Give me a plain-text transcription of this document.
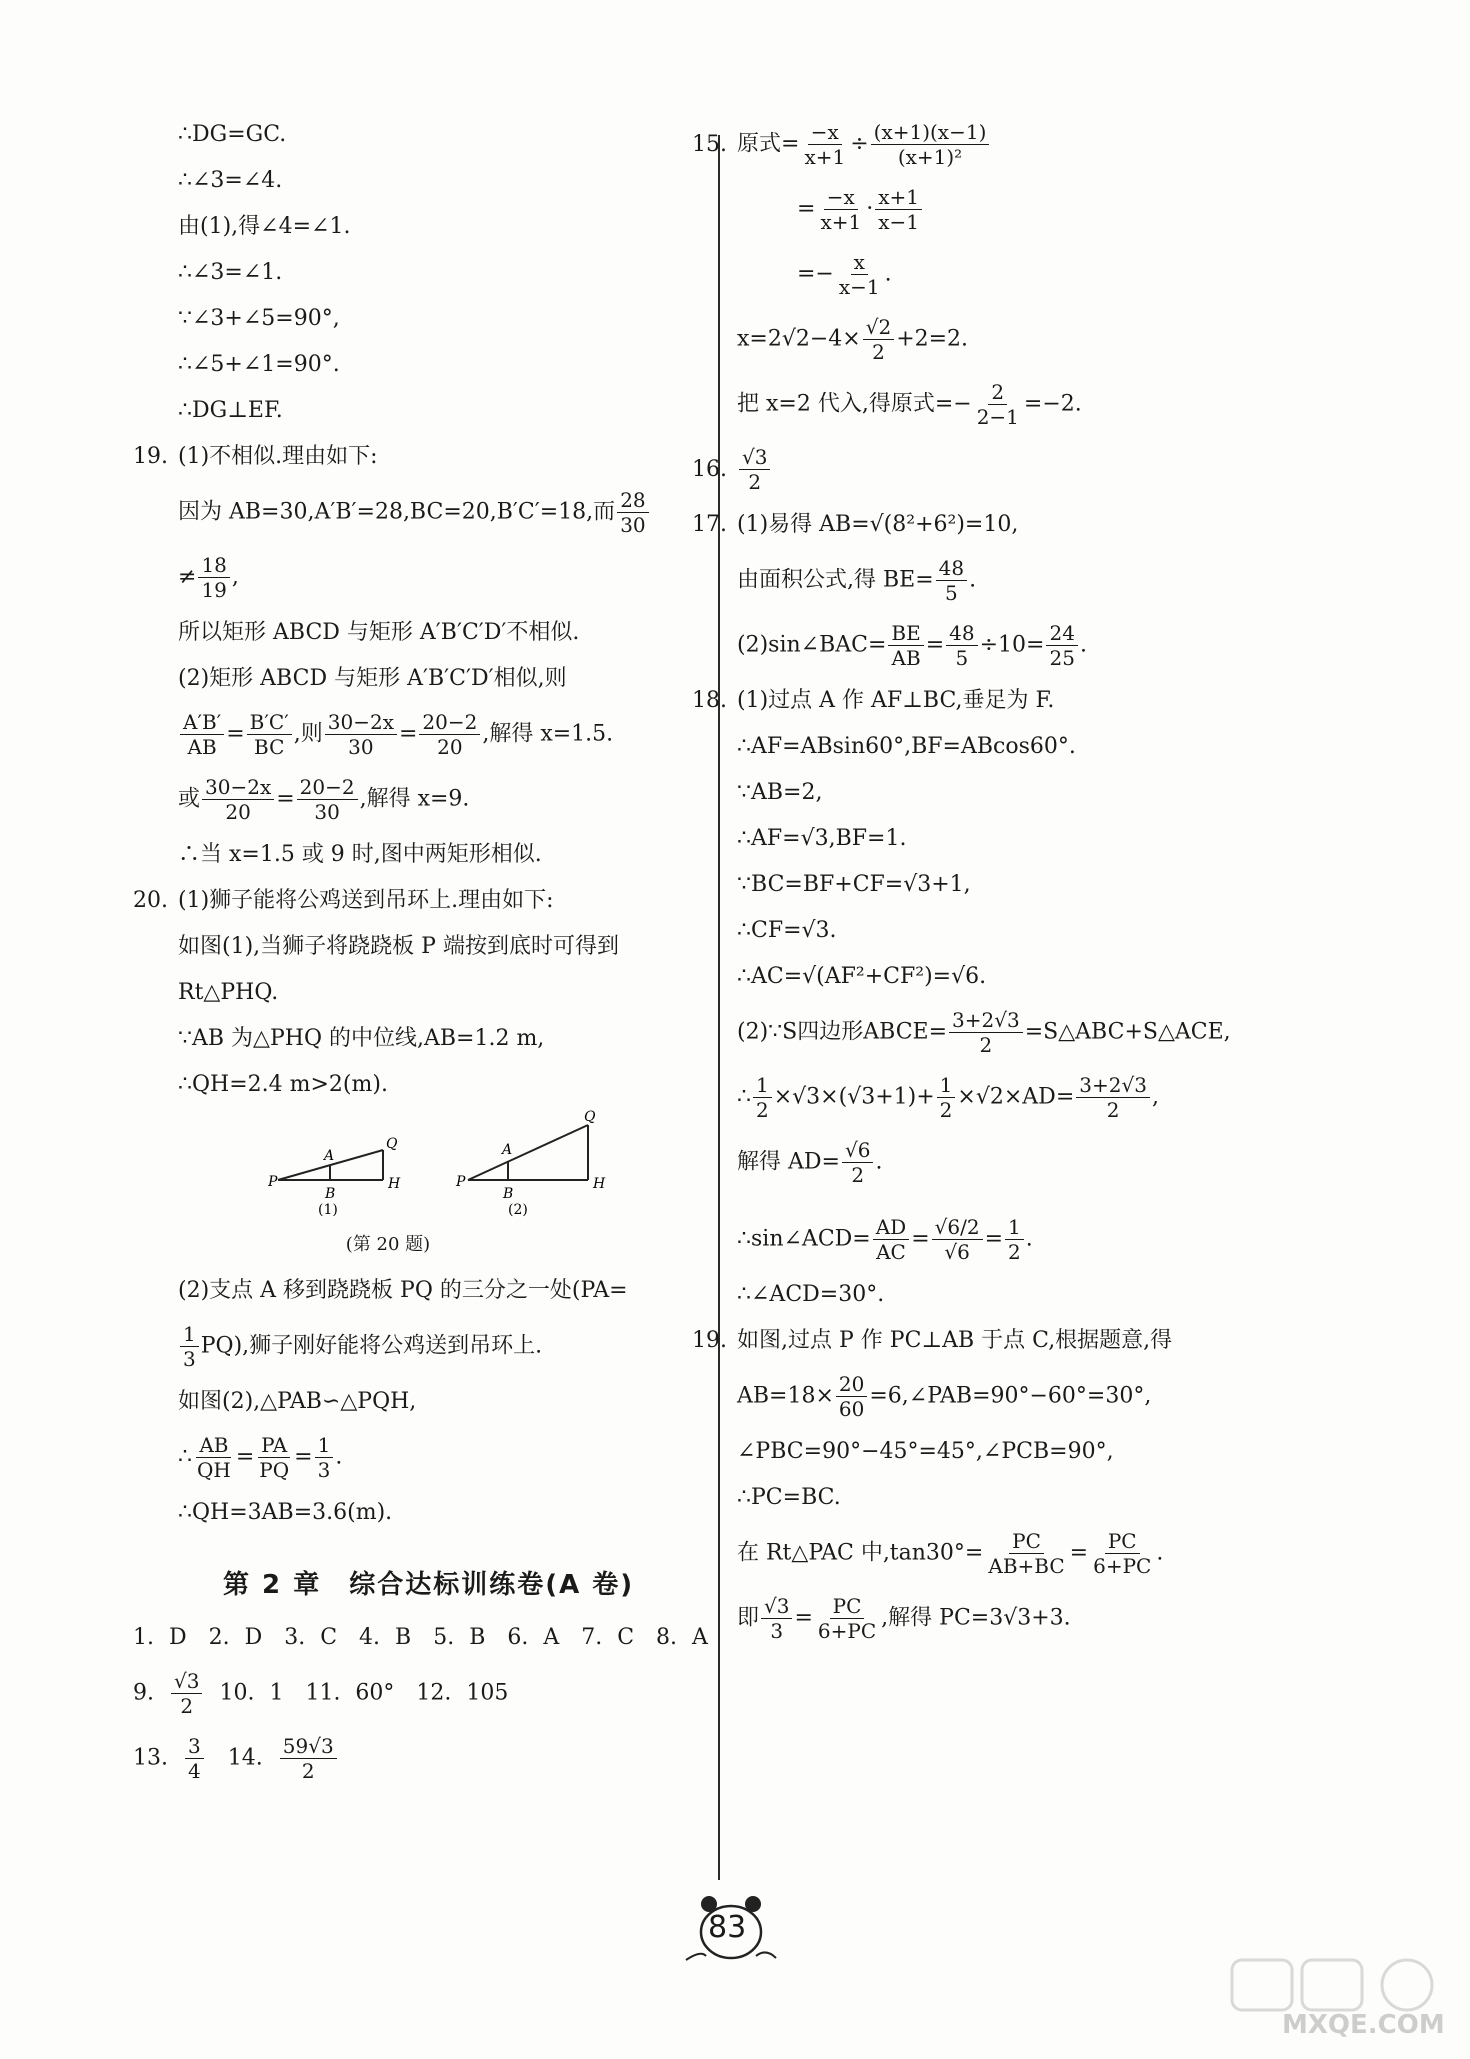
∴DG=GC.

∴∠3=∠4.

由(1),得∠4=∠1.

∴∠3=∠1.

∵∠3+∠5=90°,

∴∠5+∠1=90°.

∴DG⊥EF.

19. (1)不相似.理由如下:

因为 AB=30,A′B′=28,BC=20,B′C′=18,而 $\frac{28}{30}$

≠ $\frac{18}{19}$ ,

所以矩形 ABCD 与矩形 A′B′C′D′不相似.

(2)矩形 ABCD 与矩形 A′B′C′D′相似,则

$\frac{A'B'}{AB} = \frac{B'C'}{BC}$ ,则 $\frac{30-2x}{30} = \frac{20-2}{20}$ ,解得 x=1.5.

或 $\frac{30-2x}{20} = \frac{20-2}{30}$ ,解得 x=9.

∴当 x=1.5 或 9 时,图中两矩形相似.

20. (1)狮子能将公鸡送到吊环上.理由如下:

如图(1),当狮子将跷跷板 P 端按到底时可得到

Rt△PHQ.

∵AB 为△PHQ 的中位线,AB=1.2 m,

∴QH=2.4 m>2(m).

P
A
B
Q
H
(1)
P
A
B
Q
H
(2)

(第 20 题)

(2)支点 A 移到跷跷板 PQ 的三分之一处(PA=

$\frac{1}{3} PQ$),狮子刚好能将公鸡送到吊环上.

如图(2),△PAB∽△PQH,

∴ $\frac{AB}{QH} = \frac{PA}{PQ} = \frac{1}{3}$ .

∴QH=3AB=3.6(m).

第 2 章　综合达标训练卷(A 卷)

1. D　2. D　3. C　4. B　5. B　6. A　7. C　8. A

9. $\frac{√3}{2} 10$. 1　11. 60°　12. 105

13. $\frac{3}{4}$
　 14. $\frac{59√3}{2}$

15. 原式= $\frac{-x}{x+1} \div \frac{(x+1)(x-1)}{\text{(x+1)²}}$

= $\frac{-x}{x+1} \cdot \frac{x+1}{x-1}$

=− $\frac{x}{x-1}$ .

$x=2√2-4\times \frac{√2}{2} +2=2$.

把 x=2 代入,得原式=− $\frac{2}{2-1} =-2$.

16. $\frac{√3}{2}$

17. (1)易得 AB=√(8²+6²)=10,

由面积公式,得 $BE= \frac{48}{5}$ .

(2)sin∠BAC= $\frac{BE}{AB} = \frac{48}{5} \div 10= \frac{24}{25}$ .

18. (1)过点 A 作 AF⊥BC,垂足为 F.

∴AF=ABsin60°,BF=ABcos60°.

∵AB=2,

∴AF=√3,BF=1.

∵BC=BF+CF=√3+1,

∴CF=√3.

∴AC=√(AF²+CF²)=√6.

(2)∵S四边形ABCE= $\frac{3+2√3}{2}$ =S△ABC+S△ACE,

∴ $\frac{1}{2} \times√3\times(√3+1)+ \frac{1}{2} \times√2\times AD= \frac{3+2√3}{2}$ ,

解得 $AD= \frac{√6}{2}$ .

∴sin∠ACD= $\frac{AD}{AC} = \frac{√6/2}{√6} = \frac{1}{2}$ .

∴∠ACD=30°.

19. 如图,过点 P 作 PC⊥AB 于点 C,根据题意,得

$AB=18\times \frac{20}{60}$ =6,∠PAB=90°−60°=30°,

∠PBC=90°−45°=45°,∠PCB=90°,

∴PC=BC.

在 Rt△PAC 中$,\tan 30^\circ= \frac{PC}{AB+BC} = \frac{PC}{6+PC}$ .

即 $\frac{√3}{3} = \frac{PC}{6+PC}$ ,解得 PC=3√3+3.

83
MXQE.COM
